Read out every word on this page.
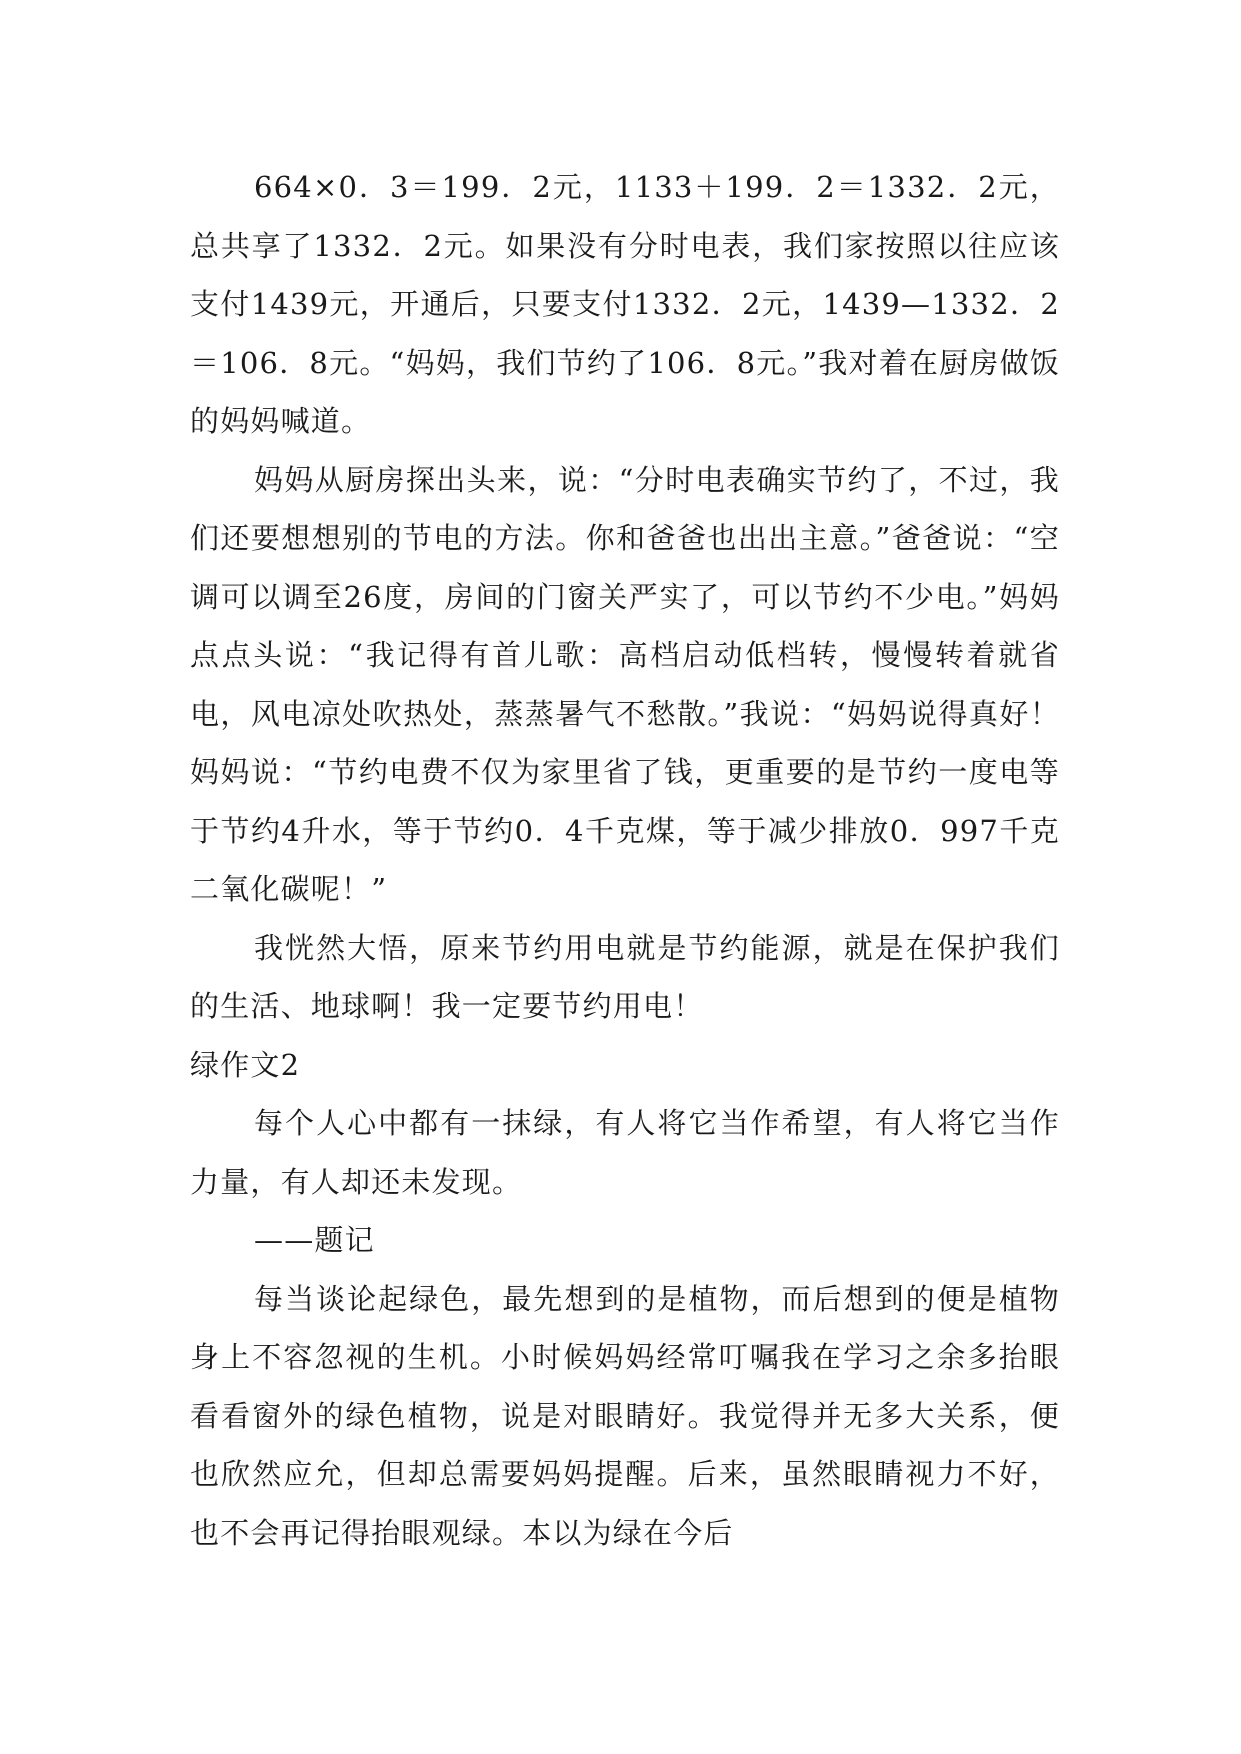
664×0．3＝199．2元，1133＋199．2＝1332．2元，总共享了1332．2元。如果没有分时电表，我们家按照以往应该支付1439元，开通后，只要支付1332．2元，1439—1332．2＝106．8元。“妈妈，我们节约了106．8元。”我对着在厨房做饭的妈妈喊道。

妈妈从厨房探出头来，说：“分时电表确实节约了，不过，我们还要想想别的节电的方法。你和爸爸也出出主意。”爸爸说：“空调可以调至26度，房间的门窗关严实了，可以节约不少电。”妈妈点点头说：“我记得有首儿歌：高档启动低档转，慢慢转着就省电，风电凉处吹热处，蒸蒸暑气不愁散。”我说：“妈妈说得真好！妈妈说：“节约电费不仅为家里省了钱，更重要的是节约一度电等于节约4升水，等于节约0．4千克煤，等于减少排放0．997千克二氧化碳呢！”

我恍然大悟，原来节约用电就是节约能源，就是在保护我们的生活、地球啊！我一定要节约用电！

绿作文2

每个人心中都有一抹绿，有人将它当作希望，有人将它当作力量，有人却还未发现。

——题记

每当谈论起绿色，最先想到的是植物，而后想到的便是植物身上不容忽视的生机。小时候妈妈经常叮嘱我在学习之余多抬眼看看窗外的绿色植物，说是对眼睛好。我觉得并无多大关系，便也欣然应允，但却总需要妈妈提醒。后来，虽然眼睛视力不好，也不会再记得抬眼观绿。本以为绿在今后
